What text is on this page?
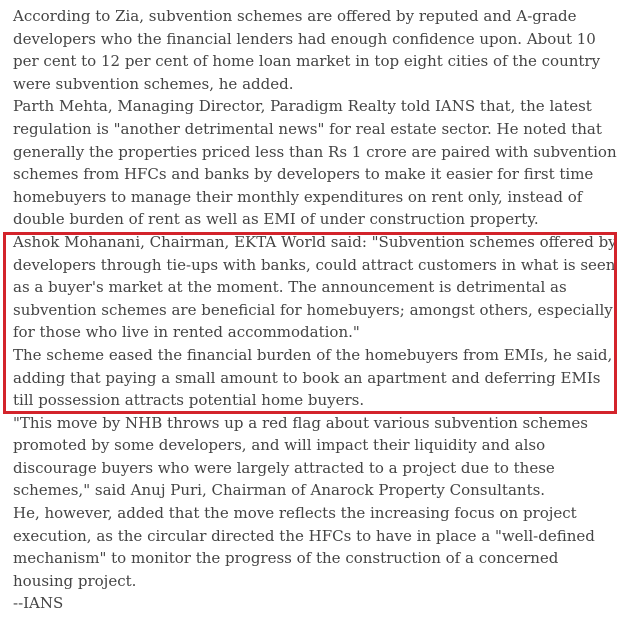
According to Zia, subvention schemes are offered by reputed and A-grade developers who the financial lenders had enough confidence upon. About 10 per cent to 12 per cent of home loan market in top eight cities of the country were subvention schemes, he added.

Parth Mehta, Managing Director, Paradigm Realty told IANS that, the latest regulation is "another detrimental news" for real estate sector. He noted that generally the properties priced less than Rs 1 crore are paired with subvention schemes from HFCs and banks by developers to make it easier for first time homebuyers to manage their monthly expenditures on rent only, instead of double burden of rent as well as EMI of under construction property.

Ashok Mohanani, Chairman, EKTA World said: "Subvention schemes offered by developers through tie-ups with banks, could attract customers in what is seen as a buyer's market at the moment. The announcement is detrimental as subvention schemes are beneficial for homebuyers; amongst others, especially for those who live in rented accommodation."

The scheme eased the financial burden of the homebuyers from EMIs, he said, adding that paying a small amount to book an apartment and deferring EMIs till possession attracts potential home buyers.

"This move by NHB throws up a red flag about various subvention schemes promoted by some developers, and will impact their liquidity and also discourage buyers who were largely attracted to a project due to these schemes," said Anuj Puri, Chairman of Anarock Property Consultants.

He, however, added that the move reflects the increasing focus on project execution, as the circular directed the HFCs to have in place a "well-defined mechanism" to monitor the progress of the construction of a concerned housing project.

--IANS
